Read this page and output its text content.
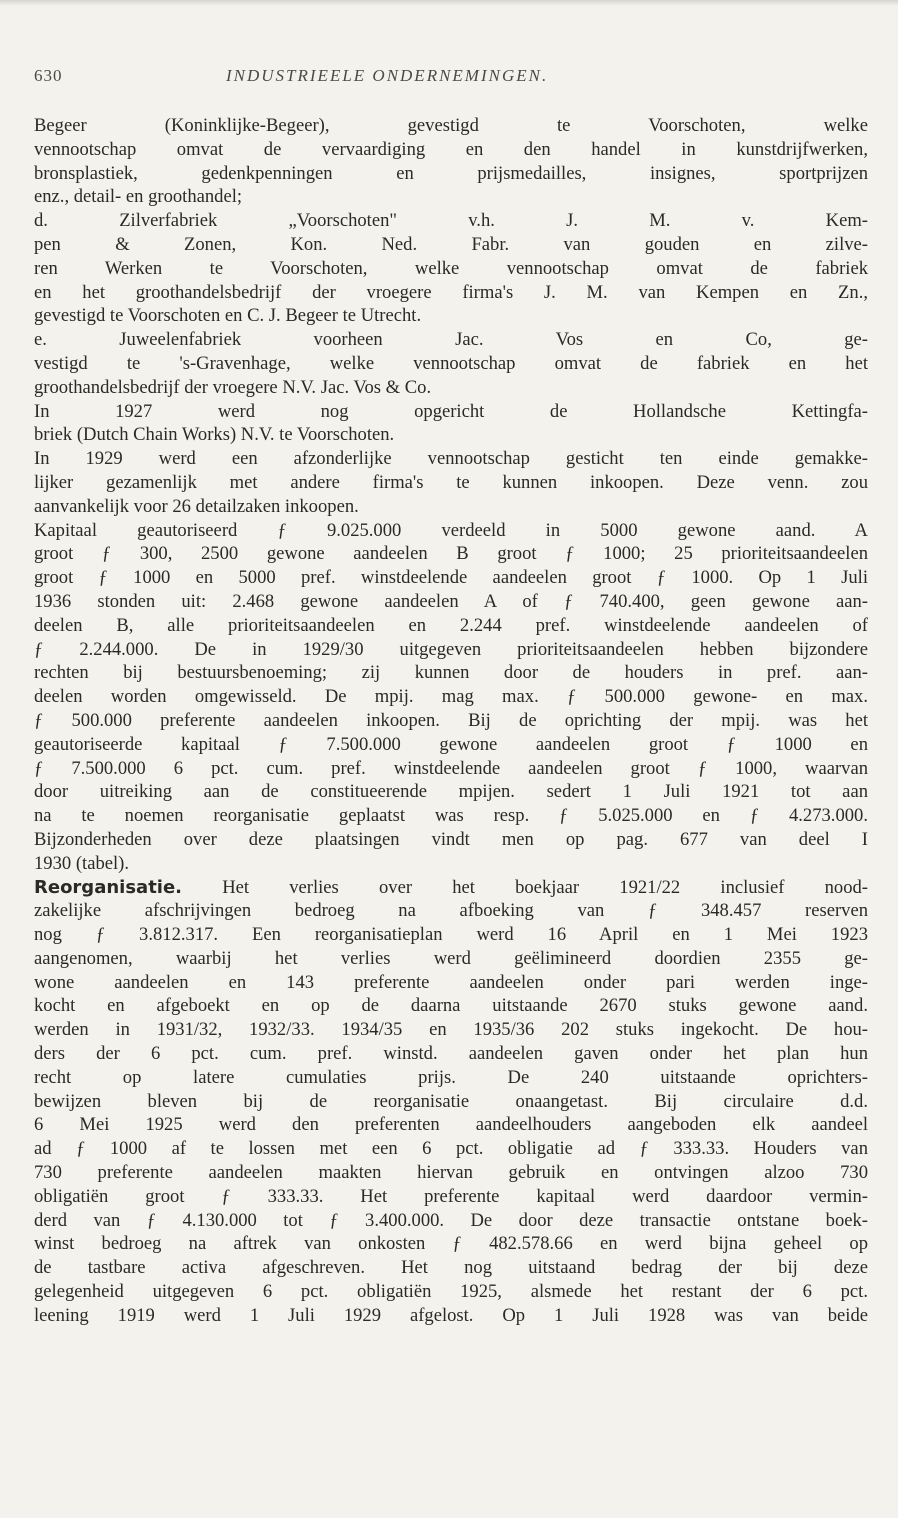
630	INDUSTRIEELE ONDERNEMINGEN.
Begeer (Koninklijke-Begeer), gevestigd te Voorschoten, welke
vennootschap omvat de vervaardiging en den handel in kunstdrijfwerken,
bronsplastiek, gedenkpenningen en prijsmedailles, insignes, sportprijzen
enz., detail- en groothandel;
d. Zilverfabriek „Voorschoten" v.h. J. M. v. Kem-
pen & Zonen, Kon. Ned. Fabr. van gouden en zilve-
ren Werken te Voorschoten, welke vennootschap omvat de fabriek
en het groothandelsbedrijf der vroegere firma's J. M. van Kempen en Zn.,
gevestigd te Voorschoten en C. J. Begeer te Utrecht.
e. Juweelenfabriek voorheen Jac. Vos en Co, ge-
vestigd te 's-Gravenhage, welke vennootschap omvat de fabriek en het
groothandelsbedrijf der vroegere N.V. Jac. Vos & Co.
In 1927 werd nog opgericht de Hollandsche Kettingfa-
briek (Dutch Chain Works) N.V. te Voorschoten.
In 1929 werd een afzonderlijke vennootschap gesticht ten einde gemakke-
lijker gezamenlijk met andere firma's te kunnen inkoopen. Deze venn. zou
aanvankelijk voor 26 detailzaken inkoopen.
Kapitaal geautoriseerd ƒ 9.025.000 verdeeld in 5000 gewone aand. A
groot ƒ 300, 2500 gewone aandeelen B groot ƒ 1000; 25 prioriteitsaandeelen
groot ƒ 1000 en 5000 pref. winstdeelende aandeelen groot ƒ 1000. Op 1 Juli
1936 stonden uit: 2.468 gewone aandeelen A of ƒ 740.400, geen gewone aan-
deelen B, alle prioriteitsaandeelen en 2.244 pref. winstdeelende aandeelen of
ƒ 2.244.000. De in 1929/30 uitgegeven prioriteitsaandeelen hebben bijzondere
rechten bij bestuursbenoeming; zij kunnen door de houders in pref. aan-
deelen worden omgewisseld. De mpij. mag max. ƒ 500.000 gewone- en max.
ƒ 500.000 preferente aandeelen inkoopen. Bij de oprichting der mpij. was het
geautoriseerde kapitaal ƒ 7.500.000 gewone aandeelen groot ƒ 1000 en
ƒ 7.500.000 6 pct. cum. pref. winstdeelende aandeelen groot ƒ 1000, waarvan
door uitreiking aan de constitueerende mpijen. sedert 1 Juli 1921 tot aan
na te noemen reorganisatie geplaatst was resp. ƒ 5.025.000 en ƒ 4.273.000.
Bijzonderheden over deze plaatsingen vindt men op pag. 677 van deel I
1930 (tabel).
Reorganisatie. Het verlies over het boekjaar 1921/22 inclusief nood-
zakelijke afschrijvingen bedroeg na afboeking van ƒ 348.457 reserven
nog ƒ 3.812.317. Een reorganisatieplan werd 16 April en 1 Mei 1923
aangenomen, waarbij het verlies werd geëlimineerd doordien 2355 ge-
wone aandeelen en 143 preferente aandeelen onder pari werden inge-
kocht en afgeboekt en op de daarna uitstaande 2670 stuks gewone aand.
werden in 1931/32, 1932/33. 1934/35 en 1935/36 202 stuks ingekocht. De hou-
ders der 6 pct. cum. pref. winstd. aandeelen gaven onder het plan hun
recht op latere cumulaties prijs. De 240 uitstaande oprichters-
bewijzen bleven bij de reorganisatie onaangetast. Bij circulaire d.d.
6 Mei 1925 werd den preferenten aandeelhouders aangeboden elk aandeel
ad ƒ 1000 af te lossen met een 6 pct. obligatie ad ƒ 333.33. Houders van
730 preferente aandeelen maakten hiervan gebruik en ontvingen alzoo 730
obligatiën groot ƒ 333.33. Het preferente kapitaal werd daardoor vermin-
derd van ƒ 4.130.000 tot ƒ 3.400.000. De door deze transactie ontstane boek-
winst bedroeg na aftrek van onkosten ƒ 482.578.66 en werd bijna geheel op
de tastbare activa afgeschreven. Het nog uitstaand bedrag der bij deze
gelegenheid uitgegeven 6 pct. obligatiën 1925, alsmede het restant der 6 pct.
leening 1919 werd 1 Juli 1929 afgelost. Op 1 Juli 1928 was van beide
